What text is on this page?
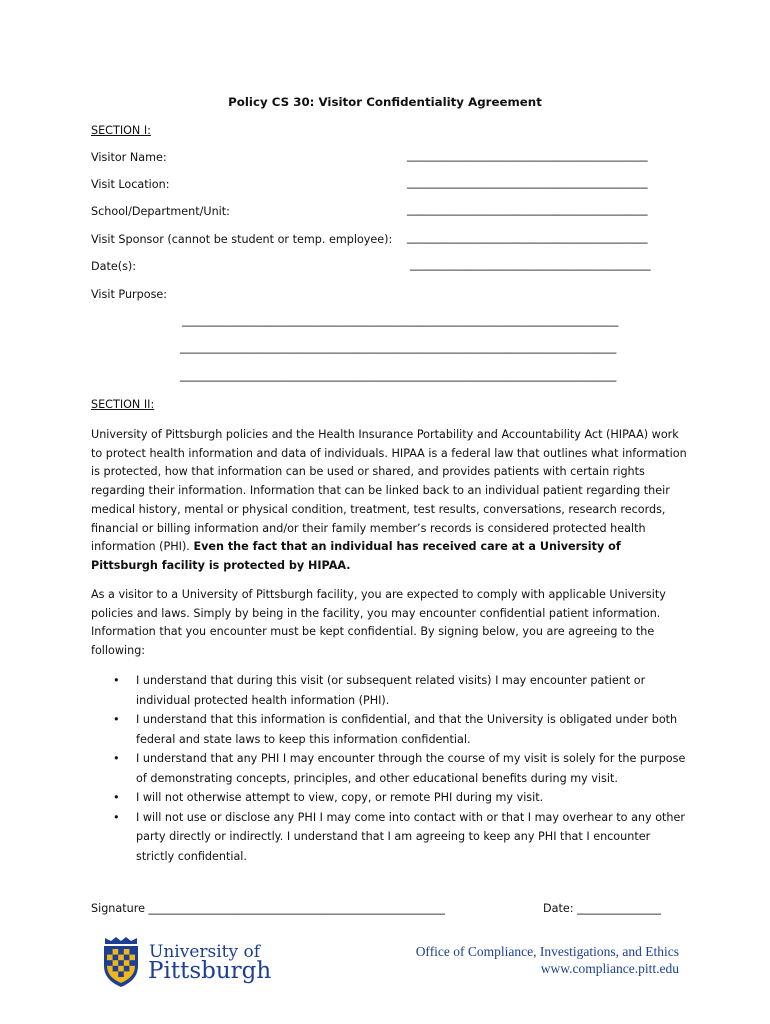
Policy CS 30: Visitor Confidentiality Agreement
SECTION I:
Visitor Name:	___________________________________________
Visit Location:	___________________________________________
School/Department/Unit:	___________________________________________
Visit Sponsor (cannot be student or temp. employee): ___________________________________________
Date(s):	___________________________________________
Visit Purpose:
______________________________________________________________________________
______________________________________________________________________________
______________________________________________________________________________
SECTION II:
University of Pittsburgh policies and the Health Insurance Portability and Accountability Act (HIPAA) work to protect health information and data of individuals. HIPAA is a federal law that outlines what information is protected, how that information can be used or shared, and provides patients with certain rights regarding their information. Information that can be linked back to an individual patient regarding their medical history, mental or physical condition, treatment, test results, conversations, research records, financial or billing information and/or their family member’s records is considered protected health information (PHI). Even the fact that an individual has received care at a University of Pittsburgh facility is protected by HIPAA.
As a visitor to a University of Pittsburgh facility, you are expected to comply with applicable University policies and laws. Simply by being in the facility, you may encounter confidential patient information. Information that you encounter must be kept confidential. By signing below, you are agreeing to the following:
• I understand that during this visit (or subsequent related visits) I may encounter patient or individual protected health information (PHI).
• I understand that this information is confidential, and that the University is obligated under both federal and state laws to keep this information confidential.
• I understand that any PHI I may encounter through the course of my visit is solely for the purpose of demonstrating concepts, principles, and other educational benefits during my visit.
• I will not otherwise attempt to view, copy, or remote PHI during my visit.
• I will not use or disclose any PHI I may come into contact with or that I may overhear to any other party directly or indirectly. I understand that I am agreeing to keep any PHI that I encounter strictly confidential.
Signature _____________________________________________________	Date: _______________
University of
Pittsburgh
Office of Compliance, Investigations, and Ethics
www.compliance.pitt.edu
